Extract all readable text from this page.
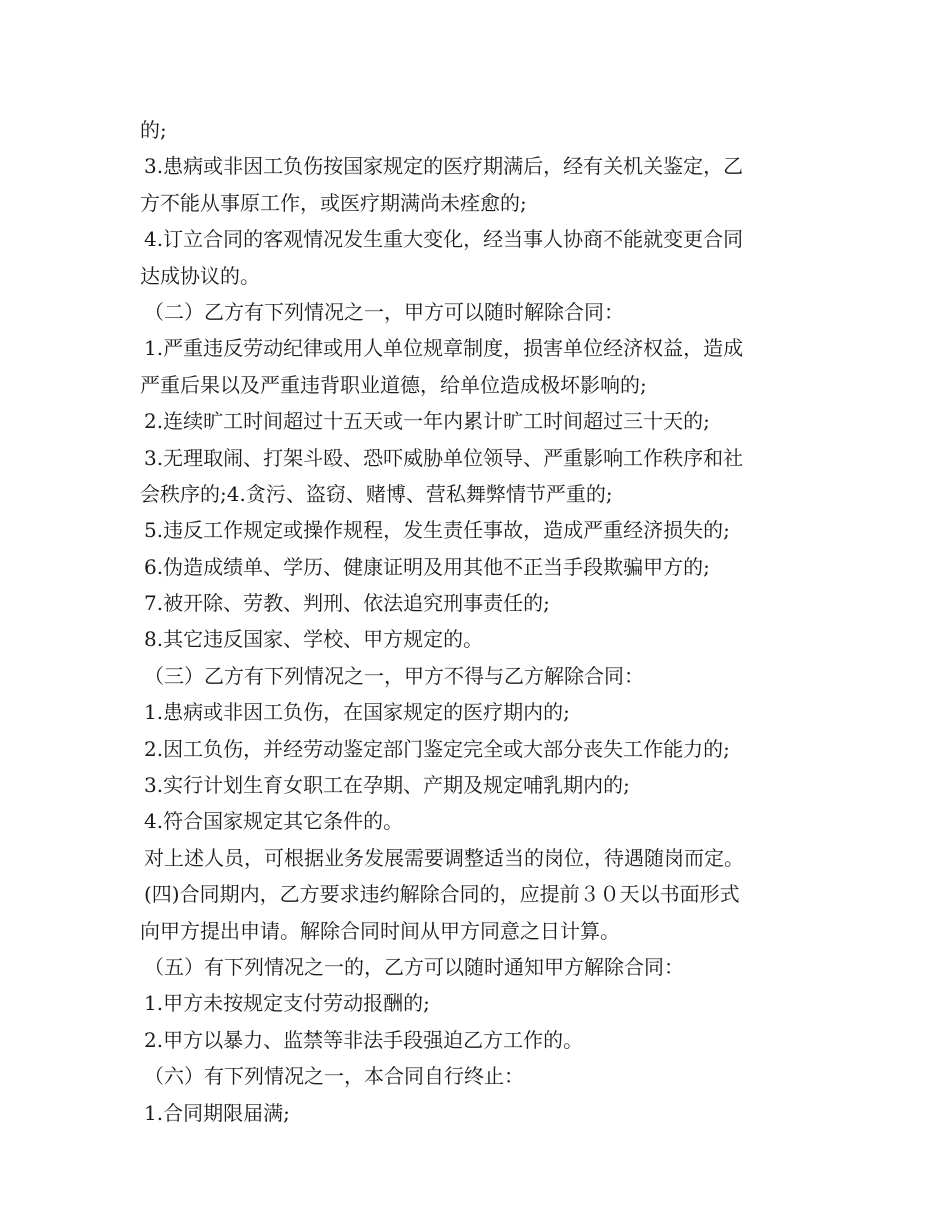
的;
3.患病或非因工负伤按国家规定的医疗期满后，经有关机关鉴定，乙
方不能从事原工作，或医疗期满尚未痊愈的;
4.订立合同的客观情况发生重大变化，经当事人协商不能就变更合同
达成协议的。
（二）乙方有下列情况之一，甲方可以随时解除合同：
1.严重违反劳动纪律或用人单位规章制度，损害单位经济权益，造成
严重后果以及严重违背职业道德，给单位造成极坏影响的;
2.连续旷工时间超过十五天或一年内累计旷工时间超过三十天的;
3.无理取闹、打架斗殴、恐吓威胁单位领导、严重影响工作秩序和社
会秩序的;4.贪污、盗窃、赌博、营私舞弊情节严重的;
5.违反工作规定或操作规程，发生责任事故，造成严重经济损失的;
6.伪造成绩单、学历、健康证明及用其他不正当手段欺骗甲方的;
7.被开除、劳教、判刑、依法追究刑事责任的;
8.其它违反国家、学校、甲方规定的。
（三）乙方有下列情况之一，甲方不得与乙方解除合同：
1.患病或非因工负伤，在国家规定的医疗期内的;
2.因工负伤，并经劳动鉴定部门鉴定完全或大部分丧失工作能力的;
3.实行计划生育女职工在孕期、产期及规定哺乳期内的;
4.符合国家规定其它条件的。
对上述人员，可根据业务发展需要调整适当的岗位，待遇随岗而定。
(四)合同期内，乙方要求违约解除合同的，应提前３０天以书面形式
向甲方提出申请。解除合同时间从甲方同意之日计算。
（五）有下列情况之一的，乙方可以随时通知甲方解除合同：
1.甲方未按规定支付劳动报酬的;
2.甲方以暴力、监禁等非法手段强迫乙方工作的。
（六）有下列情况之一，本合同自行终止：
1.合同期限届满;
